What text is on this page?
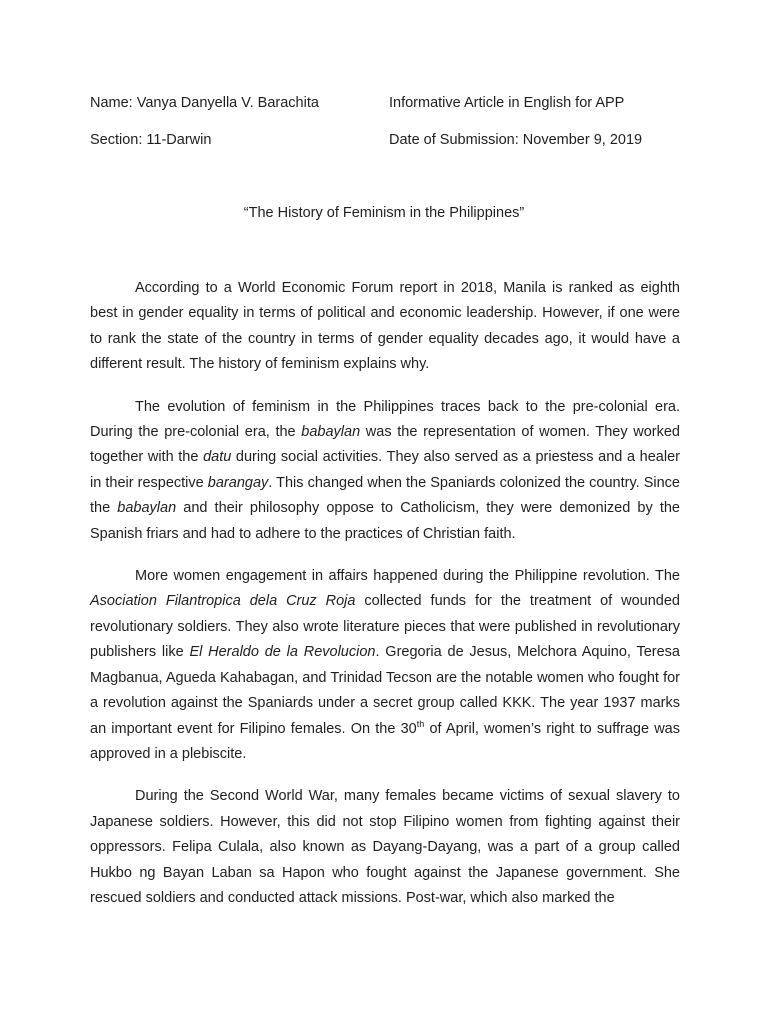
Name: Vanya Danyella V. Barachita	Informative Article in English for APP
Section: 11-Darwin	Date of Submission: November 9, 2019
“The History of Feminism in the Philippines”

According to a World Economic Forum report in 2018, Manila is ranked as eighth best in gender equality in terms of political and economic leadership. However, if one were to rank the state of the country in terms of gender equality decades ago, it would have a different result. The history of feminism explains why.

The evolution of feminism in the Philippines traces back to the pre-colonial era. During the pre-colonial era, the babaylan was the representation of women. They worked together with the datu during social activities. They also served as a priestess and a healer in their respective barangay. This changed when the Spaniards colonized the country. Since the babaylan and their philosophy oppose to Catholicism, they were demonized by the Spanish friars and had to adhere to the practices of Christian faith.

More women engagement in affairs happened during the Philippine revolution. The Asociation Filantropica dela Cruz Roja collected funds for the treatment of wounded revolutionary soldiers. They also wrote literature pieces that were published in revolutionary publishers like El Heraldo de la Revolucion. Gregoria de Jesus, Melchora Aquino, Teresa Magbanua, Agueda Kahabagan, and Trinidad Tecson are the notable women who fought for a revolution against the Spaniards under a secret group called KKK. The year 1937 marks an important event for Filipino females. On the 30th of April, women’s right to suffrage was approved in a plebiscite.

During the Second World War, many females became victims of sexual slavery to Japanese soldiers. However, this did not stop Filipino women from fighting against their oppressors. Felipa Culala, also known as Dayang-Dayang, was a part of a group called Hukbo ng Bayan Laban sa Hapon who fought against the Japanese government. She rescued soldiers and conducted attack missions. Post-war, which also marked the
